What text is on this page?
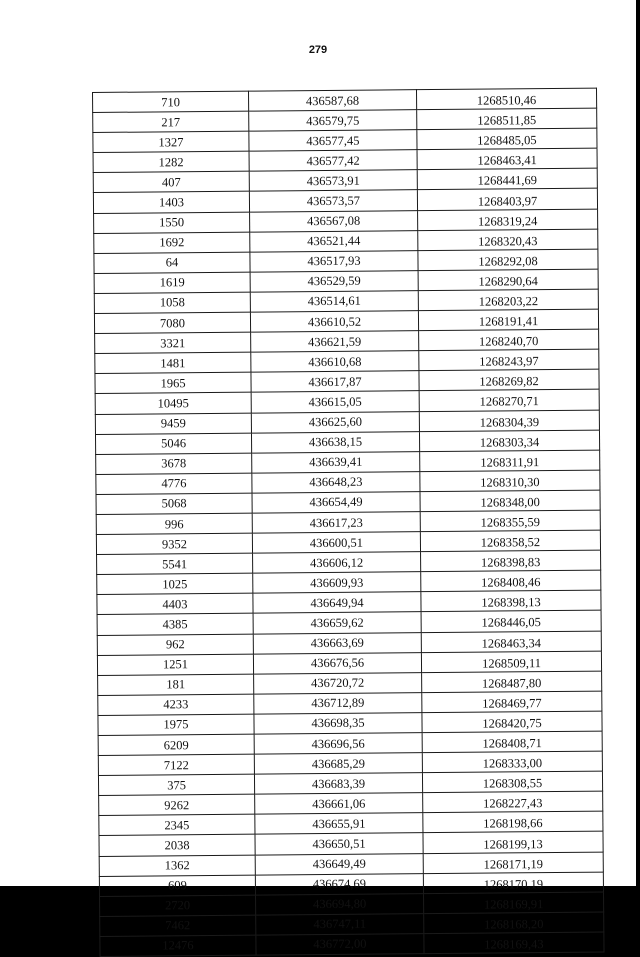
279
710	436587,68	1268510,46
217	436579,75	1268511,85
1327	436577,45	1268485,05
1282	436577,42	1268463,41
407	436573,91	1268441,69
1403	436573,57	1268403,97
1550	436567,08	1268319,24
1692	436521,44	1268320,43
64	436517,93	1268292,08
1619	436529,59	1268290,64
1058	436514,61	1268203,22
7080	436610,52	1268191,41
3321	436621,59	1268240,70
1481	436610,68	1268243,97
1965	436617,87	1268269,82
10495	436615,05	1268270,71
9459	436625,60	1268304,39
5046	436638,15	1268303,34
3678	436639,41	1268311,91
4776	436648,23	1268310,30
5068	436654,49	1268348,00
996	436617,23	1268355,59
9352	436600,51	1268358,52
5541	436606,12	1268398,83
1025	436609,93	1268408,46
4403	436649,94	1268398,13
4385	436659,62	1268446,05
962	436663,69	1268463,34
1251	436676,56	1268509,11
181	436720,72	1268487,80
4233	436712,89	1268469,77
1975	436698,35	1268420,75
6209	436696,56	1268408,71
7122	436685,29	1268333,00
375	436683,39	1268308,55
9262	436661,06	1268227,43
2345	436655,91	1268198,66
2038	436650,51	1268199,13
1362	436649,49	1268171,19
609	436674,69	1268170,19
2720	436694,80	1268169,91
7462	436747,11	1268168,20
12476	436772,00	1268169,43
